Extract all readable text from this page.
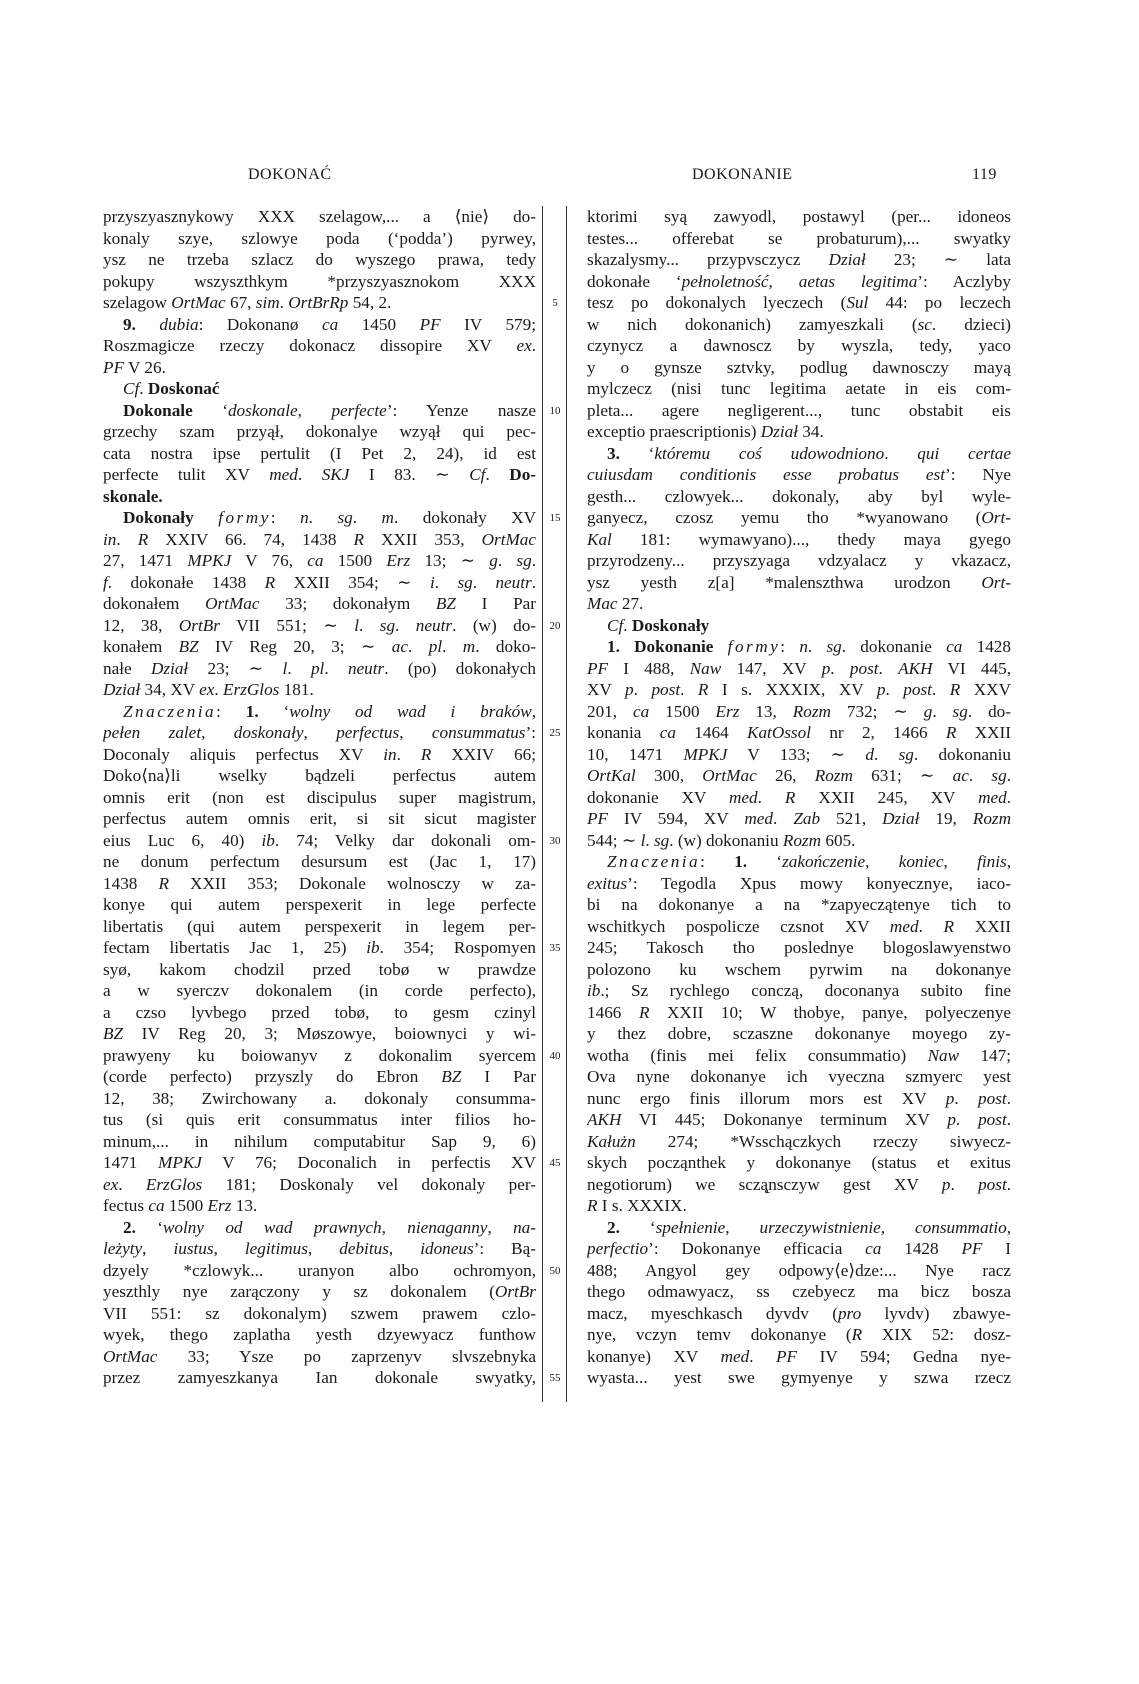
DOKONAĆ	DOKONANIE	119
przyszyasznykowy XXX szelagow,... a ⟨nie⟩ do-
konaly szye, szlowye poda (‘podda’) pyrwey,
ysz ne trzeba szlacz do wyszego prawa, tedy
pokupy wszyszthkym *przyszyasznokom XXX
szelagow OrtMac 67, sim. OrtBrRp 54, 2.
9. dubia: Dokonanø ca 1450 PF IV 579;
Roszmagicze rzeczy dokonacz dissopire XV ex.
PF V 26.
Cf. Doskonać
Dokonale ‘doskonale, perfecte’: Yenze nasze
grzechy szam przyął, dokonalye wzyął qui pec-
cata nostra ipse pertulit (I Pet 2, 24), id est
perfecte tulit XV med. SKJ I 83. ∼ Cf. Do-
skonale.
Dokonały formy: n. sg. m. dokonały XV
in. R XXIV 66. 74, 1438 R XXII 353, OrtMac
27, 1471 MPKJ V 76, ca 1500 Erz 13; ∼ g. sg.
f. dokonałe 1438 R XXII 354; ∼ i. sg. neutr.
dokonałem OrtMac 33; dokonałym BZ I Par
12, 38, OrtBr VII 551; ∼ l. sg. neutr. (w) do-
konałem BZ IV Reg 20, 3; ∼ ac. pl. m. doko-
nałe Dział 23; ∼ l. pl. neutr. (po) dokonałych
Dział 34, XV ex. ErzGlos 181.
Znaczenia: 1. ‘wolny od wad i braków,
pełen zalet, doskonały, perfectus, consummatus’:
Doconaly aliquis perfectus XV in. R XXIV 66;
Doko⟨na⟩li wselky bądzeli perfectus autem
omnis erit (non est discipulus super magistrum,
perfectus autem omnis erit, si sit sicut magister
eius Luc 6, 40) ib. 74; Velky dar dokonali om-
ne donum perfectum desursum est (Jac 1, 17)
1438 R XXII 353; Dokonale wolnosczy w za-
konye qui autem perspexerit in lege perfecte
libertatis (qui autem perspexerit in legem per-
fectam libertatis Jac 1, 25) ib. 354; Rospomyen
syø, kakom chodzil przed tobø w prawdze
a w syerczv dokonalem (in corde perfecto),
a czso lyvbego przed tobø, to gesm czinyl
BZ IV Reg 20, 3; Møszowye, boiownyci y wi-
prawyeny ku boiowanyv z dokonalim syercem
(corde perfecto) przyszly do Ebron BZ I Par
12, 38; Zwirchowany a. dokonaly consumma-
tus (si quis erit consummatus inter filios ho-
minum,... in nihilum computabitur Sap 9, 6)
1471 MPKJ V 76; Doconalich in perfectis XV
ex. ErzGlos 181; Doskonaly vel dokonaly per-
fectus ca 1500 Erz 13.
2. ‘wolny od wad prawnych, nienaganny, na-
leżyty, iustus, legitimus, debitus, idoneus’: Bą-
dzyely *czlowyk... uranyon albo ochromyon,
yeszthly nye zarączony y sz dokonalem (OrtBr
VII 551: sz dokonalym) szwem prawem czlo-
wyek, thego zaplatha yesth dzyewyacz funthow
OrtMac 33; Ysze po zaprzenyv slvszebnyka
przez zamyeszkanya Ian dokonale swyatky,
5
10
15
20
25
30
35
40
45
50
55
ktorimi syą zawyodl, postawyl (per... idoneos
testes... offerebat se probaturum),... swyatky
skazalysmy... przypvsczycz Dział 23; ∼ lata
dokonałe ‘pełnoletność, aetas legitima’: Aczlyby
tesz po dokonalych lyeczech (Sul 44: po leczech
w nich dokonanich) zamyeszkali (sc. dzieci)
czynycz a dawnoscz by wyszla, tedy, yaco
y o gynsze sztvky, podlug dawnosczy mayą
mylczecz (nisi tunc legitima aetate in eis com-
pleta... agere negligerent..., tunc obstabit eis
exceptio praescriptionis) Dział 34.
3. ‘któremu coś udowodniono. qui certae
cuiusdam conditionis esse probatus est’: Nye
gesth... czlowyek... dokonaly, aby byl wyle-
ganyecz, czosz yemu tho *wyanowano (Ort-
Kal 181: wymawyano)..., thedy maya gyego
przyrodzeny... przyszyaga vdzyalacz y vkazacz,
ysz yesth z[a] *malenszthwa urodzon Ort-
Mac 27.
Cf. Doskonały
1. Dokonanie formy: n. sg. dokonanie ca 1428
PF I 488, Naw 147, XV p. post. AKH VI 445,
XV p. post. R I s. XXXIX, XV p. post. R XXV
201, ca 1500 Erz 13, Rozm 732; ∼ g. sg. do-
konania ca 1464 KatOssol nr 2, 1466 R XXII
10, 1471 MPKJ V 133; ∼ d. sg. dokonaniu
OrtKal 300, OrtMac 26, Rozm 631; ∼ ac. sg.
dokonanie XV med. R XXII 245, XV med.
PF IV 594, XV med. Zab 521, Dział 19, Rozm
544; ∼ l. sg. (w) dokonaniu Rozm 605.
Znaczenia: 1. ‘zakończenie, koniec, finis,
exitus’: Tegodla Xpus mowy konyecznye, iaco-
bi na dokonanye a na *zapyeczątenye tich to
wschitkych pospolicze czsnot XV med. R XXII
245; Takosch tho poslednye blogoslawyenstwo
polozono ku wschem pyrwim na dokonanye
ib.; Sz rychlego conczą, doconanya subito fine
1466 R XXII 10; W thobye, panye, polyeczenye
y thez dobre, sczaszne dokonanye moyego zy-
wotha (finis mei felix consummatio) Naw 147;
Ova nyne dokonanye ich vyeczna szmyerc yest
nunc ergo finis illorum mors est XV p. post.
AKH VI 445; Dokonanye terminum XV p. post.
Kałużn 274; *Wsschączkych rzeczy siwyecz-
skych począnthek y dokonanye (status et exitus
negotiorum) we sczą̨nsczyw gest XV p. post.
R I s. XXXIX.
2. ‘spełnienie, urzeczywistnienie, consummatio,
perfectio’: Dokonanye efficacia ca 1428 PF I
488; Angyol gey odpowy⟨e⟩dze:... Nye racz
thego odmawyacz, ss czebyecz ma bicz bosza
macz, myeschkasch dyvdv (pro lyvdv) zbawye-
nye, vczyn temv dokonanye (R XIX 52: dosz-
konanye) XV med. PF IV 594; Gedna nye-
wyasta... yest swe gymyenye y szwa rzecz
